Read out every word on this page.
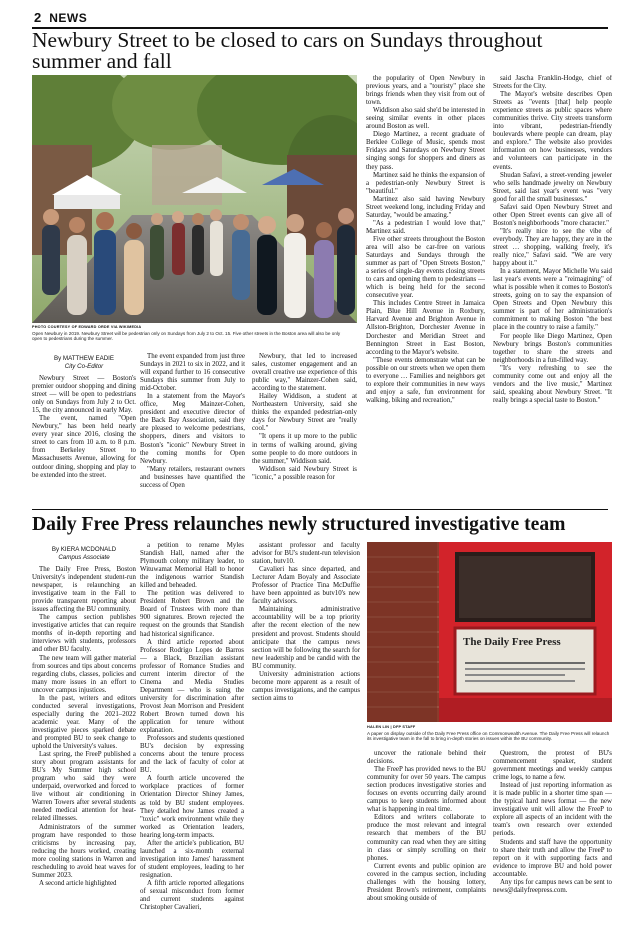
2 NEWS
Newbury Street to be closed to cars on Sundays throughout summer and fall
PHOTO COURTESY OF EDWARD ORDE VIA WIKIMEDIA
Open Newbury in 2019. Newbury Street will be pedestrian only on Sundays from July 2 to Oct. 15. Five other streets in the Boston area will also be only open to pedestrians during the summer.
By MATTHEW EADIE
City Co-Editor

Newbury Street — Boston's premier outdoor shopping and dining street — will be open to pedestrians only on Sundays from July 2 to Oct. 15, the city announced in early May.

The event, named "Open Newbury," has been held nearly every year since 2016, closing the street to cars from 10 a.m. to 8 p.m. from Berkeley Street to Massachusetts Avenue, allowing for outdoor dining, shopping and play to be extended into the street.

The event expanded from just three Sundays in 2021 to six in 2022, and it will expand further to 16 consecutive Sundays this summer from July to mid-October.

In a statement from the Mayor's office, Meg Mainzer-Cohen, president and executive director of the Back Bay Association, said they are pleased to welcome pedestrians, shoppers, diners and visitors to Boston's "iconic" Newbury Street in the coming months for Open Newbury.

"Many retailers, restaurant owners and businesses have quantified the success of Open

Newbury, that led to increased sales, customer engagement and an overall creative use experience of this public way," Mainzer-Cohen said, according to the statement.

Hailey Widdison, a student at Northeastern University, said she thinks the expanded pedestrian-only days for Newbury Street are "really cool."

"It opens it up more to the public in terms of walking around, giving some people to do more outdoors in the summer," Widdison said.

Widdison said Newbury Street is "iconic," a possible reason for

the popularity of Open Newbury in previous years, and a "touristy" place she brings friends when they visit from out of town.

Widdison also said she'd be interested in seeing similar events in other places around Boston as well.

Diego Martinez, a recent graduate of Berklee College of Music, spends most Fridays and Saturdays on Newbury Street singing songs for shoppers and diners as they pass.

Martinez said he thinks the expansion of a pedestrian-only Newbury Street is "beautiful."

Martinez also said having Newbury Street weekend long, including Friday and Saturday, "would be amazing."

"As a pedestrian I would love that," Martinez said.

Five other streets throughout the Boston area will also be car-free on various Saturdays and Sundays through the summer as part of "Open Streets Boston," a series of single-day events closing streets to cars and opening them to pedestrians — which is being held for the second consecutive year.

This includes Centre Street in Jamaica Plain, Blue Hill Avenue in Roxbury, Harvard Avenue and Brighton Avenue in Allston-Brighton, Dorchester Avenue in Dorchester and Meridian Street and Bennington Street in East Boston, according to the Mayor's website.

"These events demonstrate what can be possible on our streets when we open them to everyone … Families and neighbors get to explore their communities in new ways and enjoy a safe, fun environment for walking, biking and recreation,"

said Jascha Franklin-Hodge, chief of Streets for the City.

The Mayor's website describes Open Streets as "events [that] help people experience streets as public spaces where communities thrive. City streets transform into vibrant, pedestrian-friendly boulevards where people can dream, play and explore." The website also provides information on how businesses, vendors and volunteers can participate in the events.

Shudan Safavi, a street-vending jeweler who sells handmade jewelry on Newbury Street, said last year's event was "very good for all the small businesses."

Safavi said Open Newbury Street and other Open Street events can give all of Boston's neighborhoods "more character."

"It's really nice to see the vibe of everybody. They are happy, they are in the street … shopping, walking freely, it's really nice," Safavi said. "We are very happy about it."

In a statement, Mayor Michelle Wu said last year's events were a "reimagining" of what is possible when it comes to Boston's streets, going on to say the expansion of Open Streets and Open Newbury this summer is part of her administration's commitment to making Boston "the best place in the country to raise a family."

For people like Diego Martinez, Open Newbury brings Boston's communities together to share the streets and neighborhoods in a fun-filled way.

"It's very refreshing to see the community come out and enjoy all the vendors and the live music," Martinez said, speaking about Newbury Street. "It really brings a special taste to Boston."

Daily Free Press relaunches newly structured investigative team
By KIERA MCDONALD
Campus Associate

The Daily Free Press, Boston University's independent student-run newspaper, is relaunching an investigative team in the Fall to provide transparent reporting about issues affecting the BU community.

The campus section publishes investigative articles that can require months of in-depth reporting and interviews with students, professors and other BU faculty.

The new team will gather material from sources and tips about concerns regarding clubs, classes, policies and many more issues in an effort to uncover campus injustices.

In the past, writers and editors conducted several investigations, especially during the 2021–2022 academic year. Many of the investigative pieces sparked debate and prompted BU to seek change to uphold the University's values.

Last spring, the FreeP published a story about program assistants for BU's My Summer high school program who said they were underpaid, overworked and forced to live without air conditioning in Warren Towers after several students needed medical attention for heat-related illnesses.

Administrators of the summer program have responded to those criticisms by increasing pay, reducing the hours worked, creating more cooling stations in Warren and rescheduling to avoid heat waves for Summer 2023.

A second article highlighted

a petition to rename Myles Standish Hall, named after the Plymouth colony military leader, to Wituwamat Memorial Hall to honor the indigenous warrior Standish killed and beheaded.

The petition was delivered to President Robert Brown and the Board of Trustees with more than 900 signatures. Brown rejected the request on the grounds that Standish had historical significance.

A third article reported about Professor Rodrigo Lopes de Barros — a Black, Brazilian assistant professor of Romance Studies and current interim director of the Cinema and Media Studies Department — who is suing the university for discrimination after Provost Jean Morrison and President Robert Brown turned down his application for tenure without explanation.

Professors and students questioned BU's decision by expressing concerns about the tenure process and the lack of faculty of color at BU.

A fourth article uncovered the workplace practices of former Orientation Director Shiney James, as told by BU student employees. They detailed how James created a "toxic" work environment while they worked as Orientation leaders, hearing long-term impacts.

After the article's publication, BU launched a six-month external investigation into James' harassment of student employees, leading to her resignation.

A fifth article reported allegations of sexual misconduct from former and current students against Christopher Cavalieri,

The Daily Free Press
HAI-EN LIN | DFP STAFF
A paper on display outside of the Daily Free Press office on Commonwealth Avenue. The Daily Free Press will relaunch its investigative team in the fall to bring in-depth stories on issues within the BU community.

assistant professor and faculty advisor for BU's student-run television station, butv10.

Cavalieri has since departed, and Lecturer Adam Boyaly and Associate Professor of Practice Tina McDuffie have been appointed as butv10's new faculty advisors.

Maintaining administrative accountability will be a top priority after the recent election of the new president and provost. Students should anticipate that the campus news section will be following the search for new leadership and be candid with the BU community.

University administration actions become more apparent as a result of campus investigations, and the campus section aims to

uncover the rationale behind their decisions.

The FreeP has provided news to the BU community for over 50 years. The campus section produces investigative stories and focuses on events occurring daily around campus to keep students informed about what is happening in real time.

Editors and writers collaborate to produce the most relevant and integral research that members of the BU community can read when they are sitting in class or simply scrolling on their phones.

Current events and public opinion are covered in the campus section, including challenges with the housing lottery, President Brown's retirement, complaints about smoking outside of

Questrom, the protest of BU's commencement speaker, student government meetings and weekly campus crime logs, to name a few.

Instead of just reporting information as it is made public in a shorter time span — the typical hard news format — the new investigative unit will allow the FreeP to explore all aspects of an incident with the team's own research over extended periods.

Students and staff have the opportunity to share their truth and allow the FreeP to report on it with supporting facts and evidence to improve BU and hold power accountable.

Any tips for campus news can be sent to news@dailyfreepress.com.
